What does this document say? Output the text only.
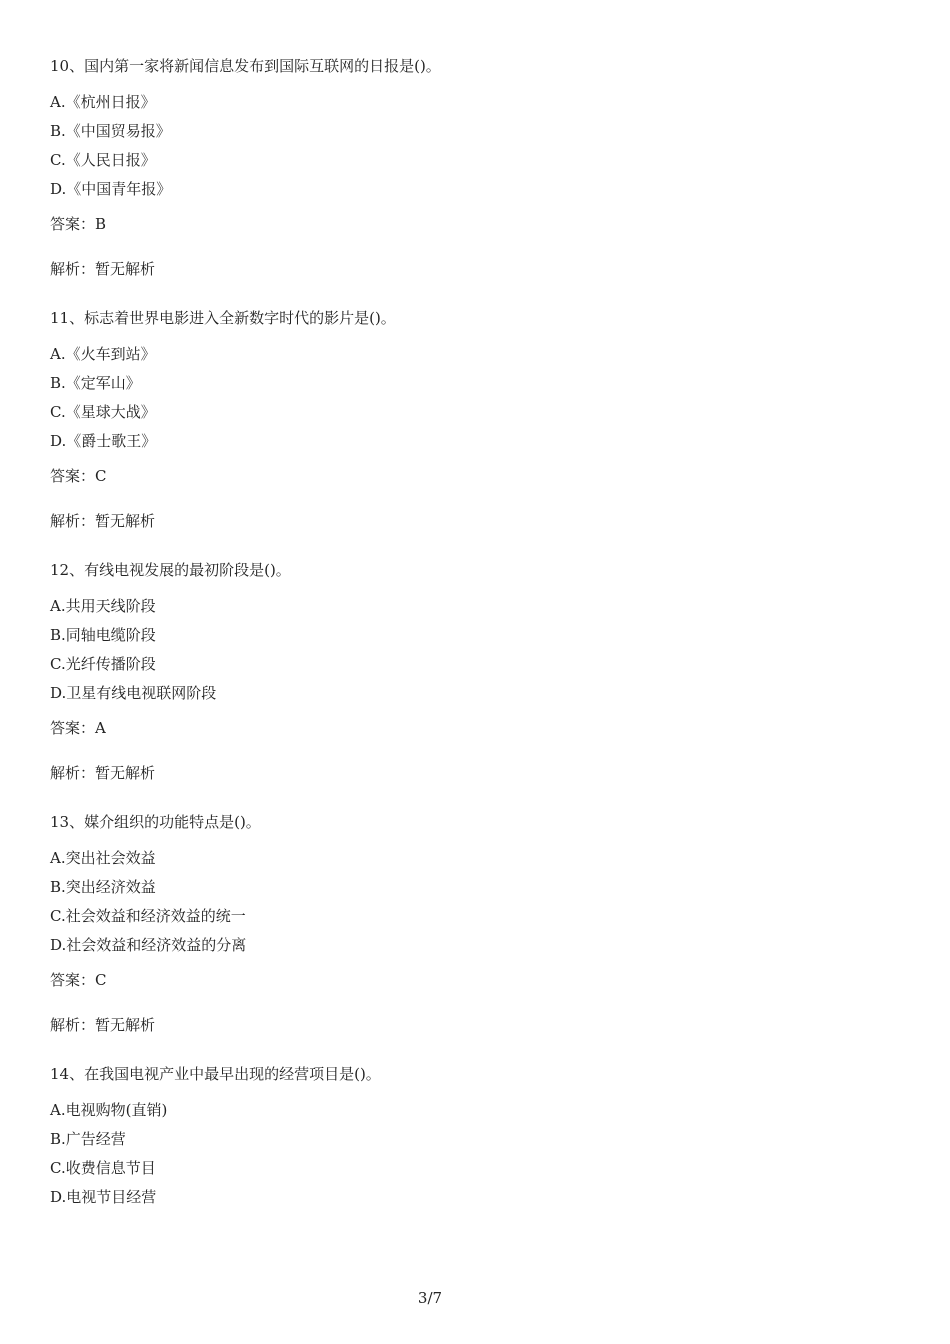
10、国内第一家将新闻信息发布到国际互联网的日报是()。
A.《杭州日报》
B.《中国贸易报》
C.《人民日报》
D.《中国青年报》
答案：B
解析：暂无解析
11、标志着世界电影进入全新数字时代的影片是()。
A.《火车到站》
B.《定军山》
C.《星球大战》
D.《爵士歌王》
答案：C
解析：暂无解析
12、有线电视发展的最初阶段是()。
A.共用天线阶段
B.同轴电缆阶段
C.光纤传播阶段
D.卫星有线电视联网阶段
答案：A
解析：暂无解析
13、媒介组织的功能特点是()。
A.突出社会效益
B.突出经济效益
C.社会效益和经济效益的统一
D.社会效益和经济效益的分离
答案：C
解析：暂无解析
14、在我国电视产业中最早出现的经营项目是()。
A.电视购物(直销)
B.广告经营
C.收费信息节目
D.电视节目经营
3/7
